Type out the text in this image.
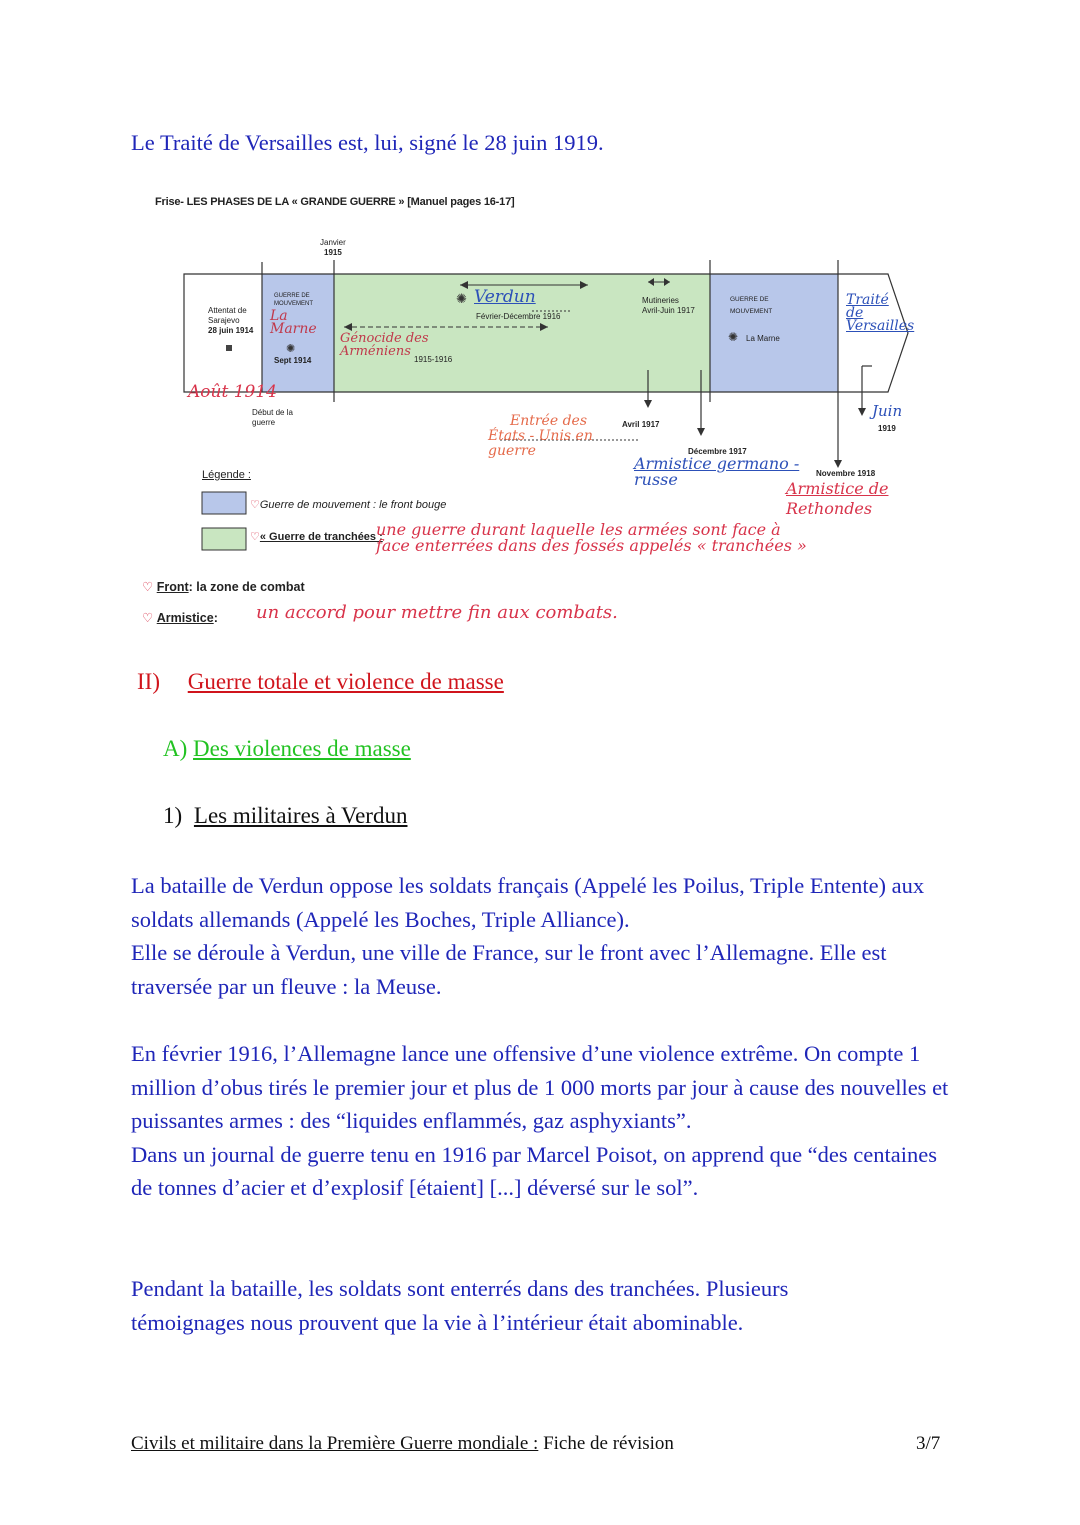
Le Traité de Versailles est, lui, signé le 28 juin 1919.
Frise- LES PHASES DE LA « GRANDE GUERRE » [Manuel pages 16-17]
Janvier
1915
Attentat de
Sarajevo
28 juin 1914
GUERRE DE
MOUVEMENT
La
Marne
✺
Sept 1914
✺ Verdun
Février-Décembre 1916
Génocide des
Arméniens
1915-1916
Mutineries
Avril-Juin 1917
GUERRE DE
MOUVEMENT
✺ La Marne
Traité
de
Versailles
Août 1914
Début de la
guerre	Entrée des
États - Unis en
guerre
Avril 1917
Décembre 1917
Armistice germano -
russe	Novembre 1918
Armistice de
Rethondes
Juin
1919
Légende :
♡Guerre de mouvement : le front bouge
♡« Guerre de tranchées :
une guerre durant laquelle les armées sont face à
face enterrées dans des fossés appelés « tranchées »
♡ Front: la zone de combat
♡ Armistice: un accord pour mettre fin aux combats.
II) Guerre totale et violence de masse
A) Des violences de masse
1) Les militaires à Verdun
La bataille de Verdun oppose les soldats français (Appelé les Poilus, Triple Entente) aux soldats allemands (Appelé les Boches, Triple Alliance).
Elle se déroule à Verdun, une ville de France, sur le front avec l’Allemagne. Elle est traversée par un fleuve : la Meuse.
En février 1916, l’Allemagne lance une offensive d’une violence extrême. On compte 1 million d’obus tirés le premier jour et plus de 1 000 morts par jour à cause des nouvelles et puissantes armes : des “liquides enflammés, gaz asphyxiants”.
Dans un journal de guerre tenu en 1916 par Marcel Poisot, on apprend que “des centaines de tonnes d’acier et d’explosif [étaient] [...] déversé sur le sol”.
Pendant la bataille, les soldats sont enterrés dans des tranchées. Plusieurs témoignages nous prouvent que la vie à l’intérieur était abominable.
Civils et militaire dans la Première Guerre mondiale : Fiche de révision	3/7
